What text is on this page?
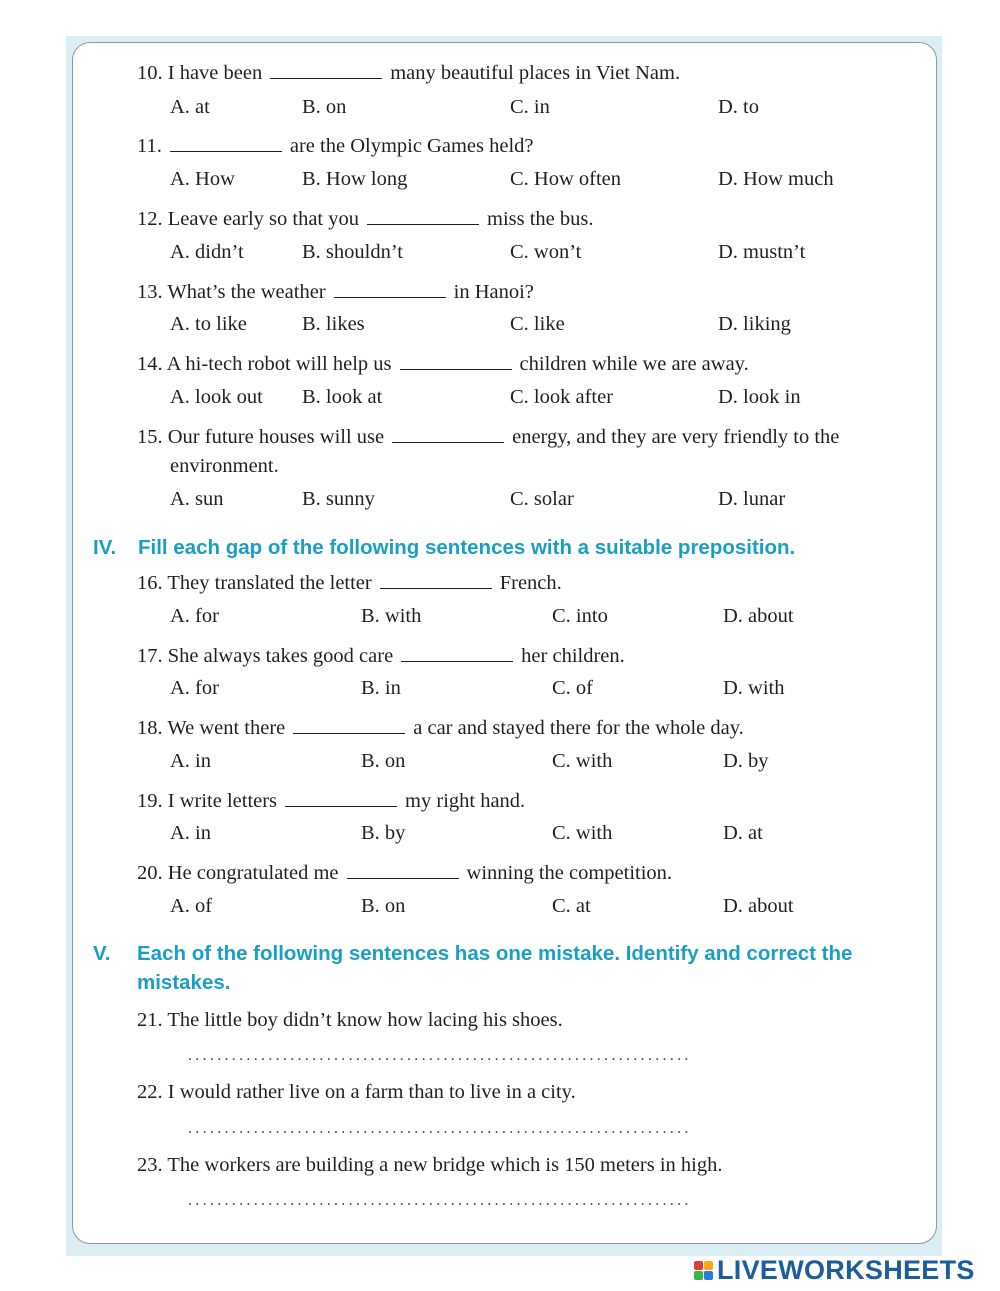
10. I have been	many beautiful places in Viet Nam.
A. at	B. on	C. in	D. to
11.	are the Olympic Games held?
A. How	B. How long	C. How often	D. How much
12. Leave early so that you	miss the bus.
A. didn’t	B. shouldn’t	C. won’t	D. mustn’t
13. What’s the weather	in Hanoi?
A. to like	B. likes	C. like	D. liking
14. A hi-tech robot will help us	children while we are away.
A. look out B. look at	C. look after	D. look in
15. Our future houses will use	energy, and they are very friendly to the
environment.
A. sun	B. sunny	C. solar	D. lunar
IV. Fill each gap of the following sentences with a suitable preposition.
16. They translated the letter	French.
A. for	B. with	C. into	D. about
17. She always takes good care	her children.
A. for	B. in	C. of	D. with
18. We went there	a car and stayed there for the whole day.
A. in	B. on	C. with	D. by
19. I write letters	my right hand.
A. in	B. by	C. with	D. at
20. He congratulated me	winning the competition.
A. of	B. on	C. at	D. about
V. Each of the following sentences has one mistake. Identify and correct the mistakes.
21. The little boy didn’t know how lacing his shoes.
.....................................................................
22. I would rather live on a farm than to live in a city.
.....................................................................
23. The workers are building a new bridge which is 150 meters in high.
.....................................................................
LIVEWORKSHEETS
